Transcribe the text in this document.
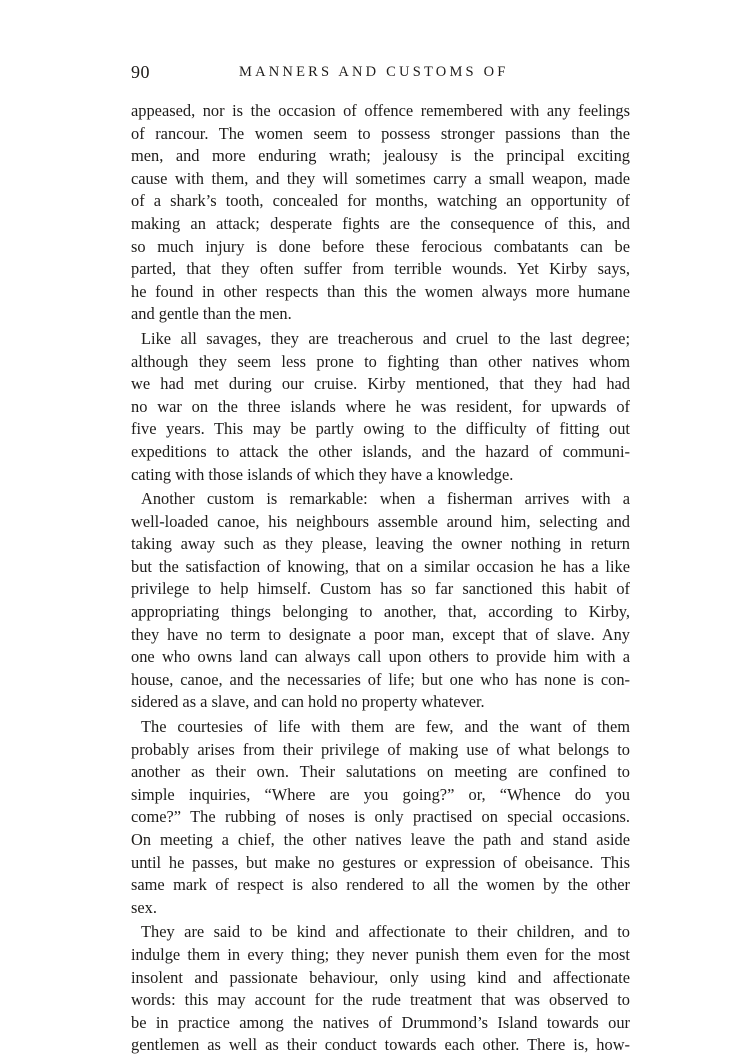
90	MANNERS AND CUSTOMS OF
appeased, nor is the occasion of offence remembered with any feelings
of rancour. The women seem to possess stronger passions than the
men, and more enduring wrath; jealousy is the principal exciting
cause with them, and they will sometimes carry a small weapon, made
of a shark’s tooth, concealed for months, watching an opportunity of
making an attack; desperate fights are the consequence of this, and
so much injury is done before these ferocious combatants can be
parted, that they often suffer from terrible wounds. Yet Kirby says,
he found in other respects than this the women always more humane
and gentle than the men.
Like all savages, they are treacherous and cruel to the last degree;
although they seem less prone to fighting than other natives whom
we had met during our cruise. Kirby mentioned, that they had had
no war on the three islands where he was resident, for upwards of
five years. This may be partly owing to the difficulty of fitting out
expeditions to attack the other islands, and the hazard of communi-
cating with those islands of which they have a knowledge.
Another custom is remarkable: when a fisherman arrives with a
well-loaded canoe, his neighbours assemble around him, selecting and
taking away such as they please, leaving the owner nothing in return
but the satisfaction of knowing, that on a similar occasion he has a like
privilege to help himself. Custom has so far sanctioned this habit of
appropriating things belonging to another, that, according to Kirby,
they have no term to designate a poor man, except that of slave. Any
one who owns land can always call upon others to provide him with a
house, canoe, and the necessaries of life; but one who has none is con-
sidered as a slave, and can hold no property whatever.
The courtesies of life with them are few, and the want of them
probably arises from their privilege of making use of what belongs to
another as their own. Their salutations on meeting are confined to
simple inquiries, “Where are you going?” or, “Whence do you
come?” The rubbing of noses is only practised on special occasions.
On meeting a chief, the other natives leave the path and stand aside
until he passes, but make no gestures or expression of obeisance. This
same mark of respect is also rendered to all the women by the other
sex.
They are said to be kind and affectionate to their children, and to
indulge them in every thing; they never punish them even for the most
insolent and passionate behaviour, only using kind and affectionate
words: this may account for the rude treatment that was observed to
be in practice among the natives of Drummond’s Island towards our
gentlemen as well as their conduct towards each other. There is, how-
